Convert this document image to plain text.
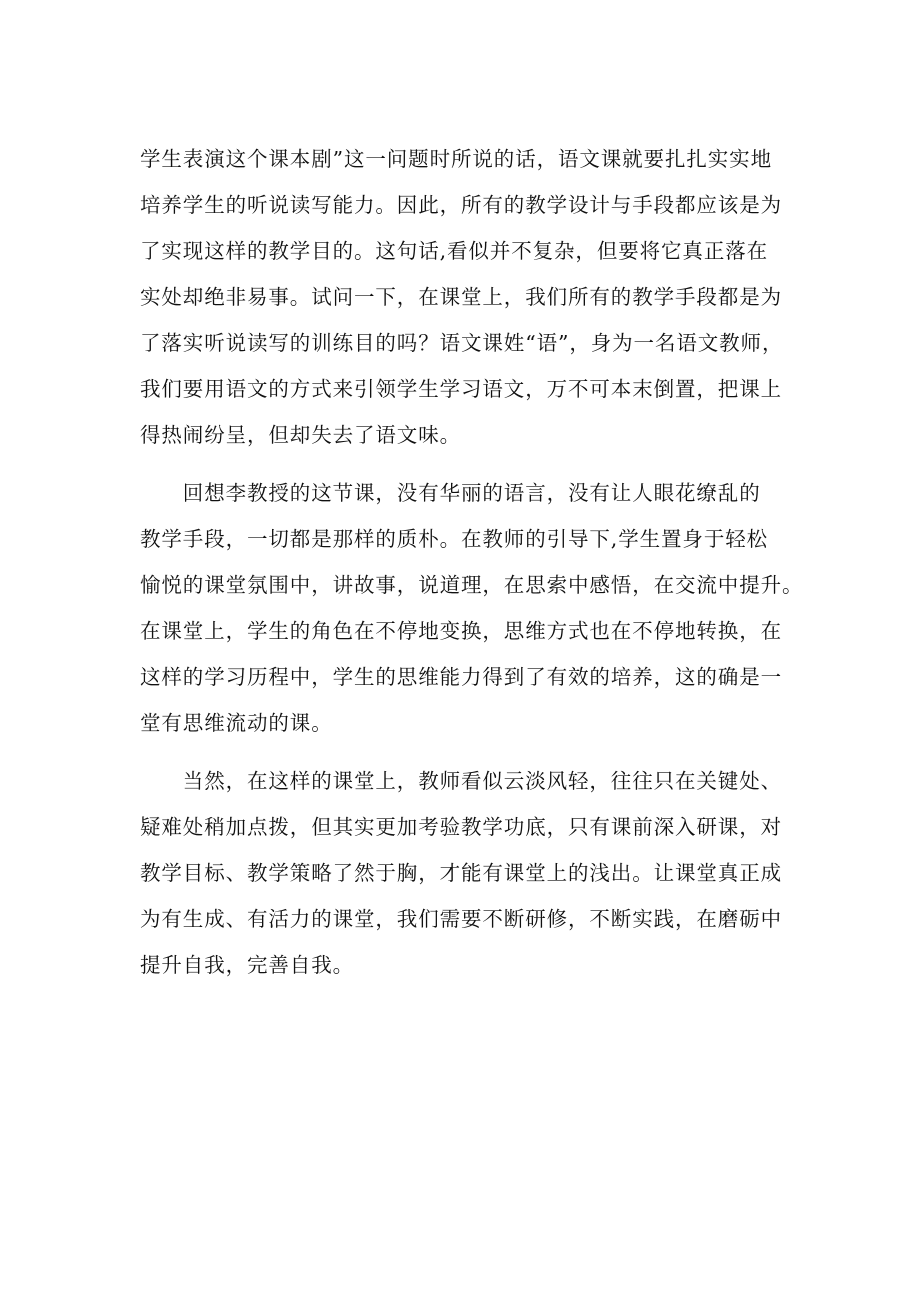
学生表演这个课本剧”这一问题时所说的话，语文课就要扎扎实实地
培养学生的听说读写能力。因此，所有的教学设计与手段都应该是为
了实现这样的教学目的。这句话,看似并不复杂，但要将它真正落在
实处却绝非易事。试问一下，在课堂上，我们所有的教学手段都是为
了落实听说读写的训练目的吗？语文课姓“语”，身为一名语文教师，
我们要用语文的方式来引领学生学习语文，万不可本末倒置，把课上
得热闹纷呈，但却失去了语文味。
　　回想李教授的这节课，没有华丽的语言，没有让人眼花缭乱的
教学手段，一切都是那样的质朴。在教师的引导下,学生置身于轻松
愉悦的课堂氛围中，讲故事，说道理，在思索中感悟，在交流中提升。
在课堂上，学生的角色在不停地变换，思维方式也在不停地转换，在
这样的学习历程中，学生的思维能力得到了有效的培养，这的确是一
堂有思维流动的课。
　　当然，在这样的课堂上，教师看似云淡风轻，往往只在关键处、
疑难处稍加点拨，但其实更加考验教学功底，只有课前深入研课，对
教学目标、教学策略了然于胸，才能有课堂上的浅出。让课堂真正成
为有生成、有活力的课堂，我们需要不断研修，不断实践，在磨砺中
提升自我，完善自我。
